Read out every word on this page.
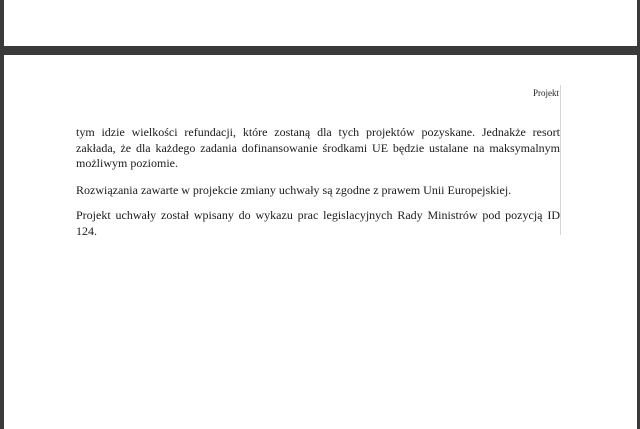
Projekt

tym idzie wielkości refundacji, które zostaną dla tych projektów pozyskane. Jednakże resort zakłada, że dla każdego zadania dofinansowanie środkami UE będzie ustalane na maksymalnym możliwym poziomie.

Rozwiązania zawarte w projekcie zmiany uchwały są zgodne z prawem Unii Europejskiej.

Projekt uchwały został wpisany do wykazu prac legislacyjnych Rady Ministrów pod pozycją ID 124.
